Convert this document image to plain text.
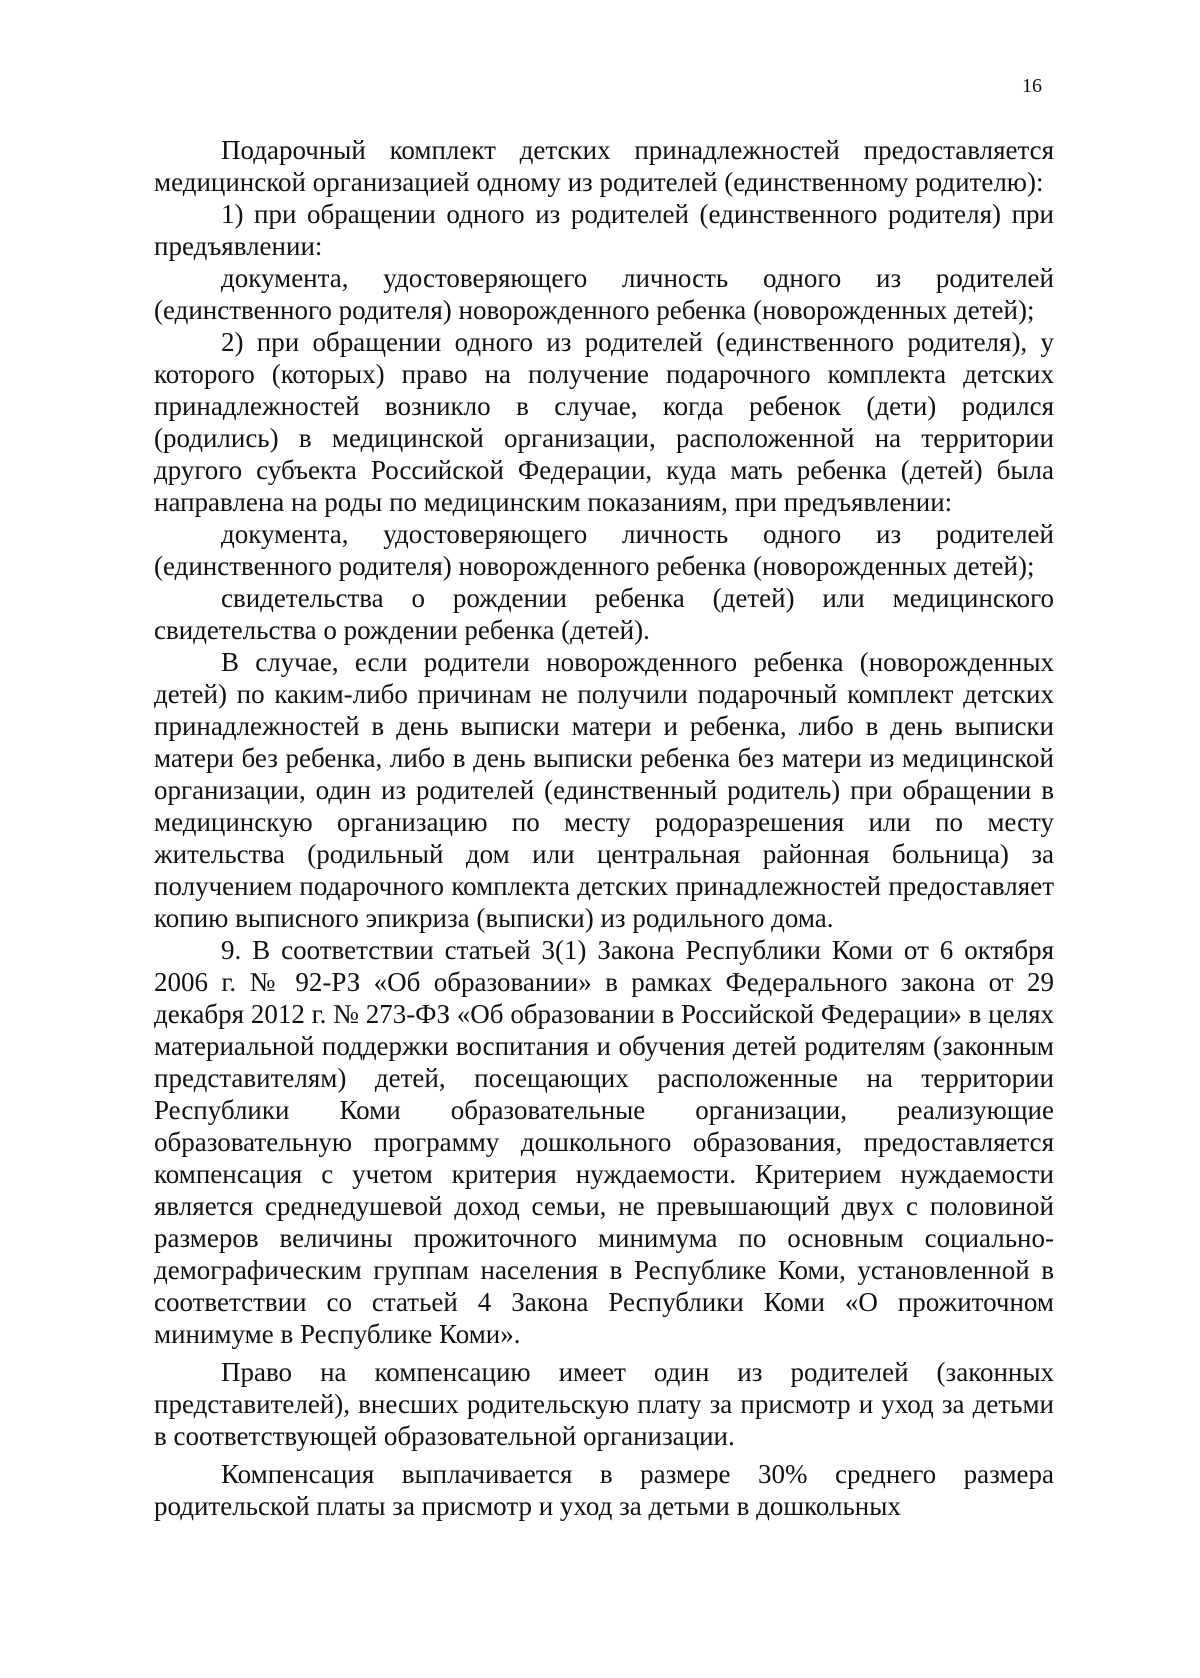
16

Подарочный комплект детских принадлежностей предоставляется медицинской организацией одному из родителей (единственному родителю):

1) при обращении одного из родителей (единственного родителя) при предъявлении:

документа, удостоверяющего личность одного из родителей (единственного родителя) новорожденного ребенка (новорожденных детей);

2) при обращении одного из родителей (единственного родителя), у которого (которых) право на получение подарочного комплекта детских принадлежностей возникло в случае, когда ребенок (дети) родился (родились) в медицинской организации, расположенной на территории другого субъекта Российской Федерации, куда мать ребенка (детей) была направлена на роды по медицинским показаниям, при предъявлении:

документа, удостоверяющего личность одного из родителей (единственного родителя) новорожденного ребенка (новорожденных детей);

свидетельства о рождении ребенка (детей) или медицинского свидетельства о рождении ребенка (детей).

В случае, если родители новорожденного ребенка (новорожденных детей) по каким-либо причинам не получили подарочный комплект детских принадлежностей в день выписки матери и ребенка, либо в день выписки матери без ребенка, либо в день выписки ребенка без матери из медицинской организации, один из родителей (единственный родитель) при обращении в медицинскую организацию по месту родоразрешения или по месту жительства (родильный дом или центральная районная больница) за получением подарочного комплекта детских принадлежностей предоставляет копию выписного эпикриза (выписки) из родильного дома.

9. В соответствии статьей 3(1) Закона Республики Коми от 6 октября 2006 г. № 92-РЗ «Об образовании» в рамках Федерального закона от 29 декабря 2012 г. № 273-ФЗ «Об образовании в Российской Федерации» в целях материальной поддержки воспитания и обучения детей родителям (законным представителям) детей, посещающих расположенные на территории Республики Коми образовательные организации, реализующие образовательную программу дошкольного образования, предоставляется компенсация с учетом критерия нуждаемости. Критерием нуждаемости является среднедушевой доход семьи, не превышающий двух с половиной размеров величины прожиточного минимума по основным социально-демографическим группам населения в Республике Коми, установленной в соответствии со статьей 4 Закона Республики Коми «О прожиточном минимуме в Республике Коми».

Право на компенсацию имеет один из родителей (законных представителей), внесших родительскую плату за присмотр и уход за детьми в соответствующей образовательной организации.

Компенсация выплачивается в размере 30% среднего размера родительской платы за присмотр и уход за детьми в дошкольных
